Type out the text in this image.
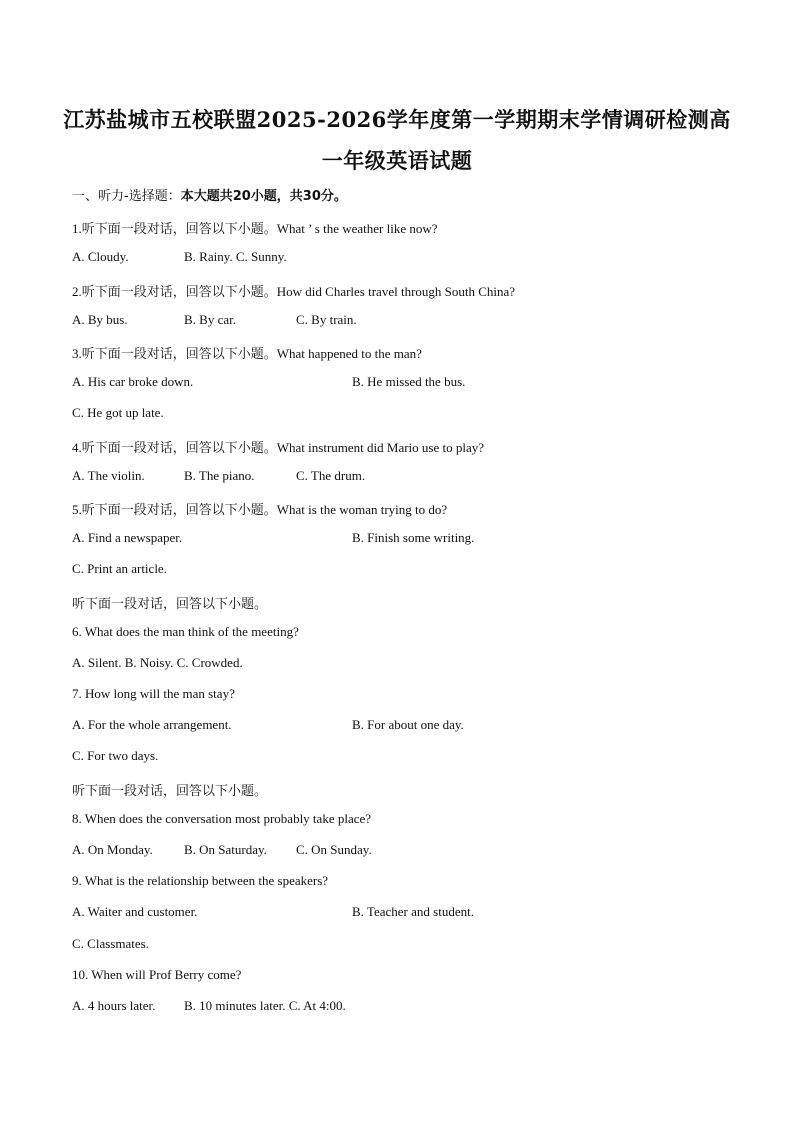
江苏盐城市五校联盟2025-2026学年度第一学期期末学情调研检测高
一年级英语试题
一、听力-选择题：本大题共20小题，共30分。
1.听下面一段对话，回答以下小题。What ’ s the weather like now?
A. Cloudy.	B. Rainy. C. Sunny.
2.听下面一段对话，回答以下小题。How did Charles travel through South China?
A. By bus.	B. By car.	C. By train.
3.听下面一段对话，回答以下小题。What happened to the man?
A. His car broke down.	B. He missed the bus.
C. He got up late.
4.听下面一段对话，回答以下小题。What instrument did Mario use to play?
A. The violin.	B. The piano.	C. The drum.
5.听下面一段对话，回答以下小题。What is the woman trying to do?
A. Find a newspaper.	B. Finish some writing.
C. Print an article.
听下面一段对话，回答以下小题。
6. What does the man think of the meeting?
A. Silent. B. Noisy. C. Crowded.
7. How long will the man stay?
A. For the whole arrangement.	B. For about one day.
C. For two days.
听下面一段对话，回答以下小题。
8. When does the conversation most probably take place?
A. On Monday. B. On Saturday. C. On Sunday.
9. What is the relationship between the speakers?
A. Waiter and customer.	B. Teacher and student.
C. Classmates.
10. When will Prof Berry come?
A. 4 hours later. B. 10 minutes later. C. At 4:00.
